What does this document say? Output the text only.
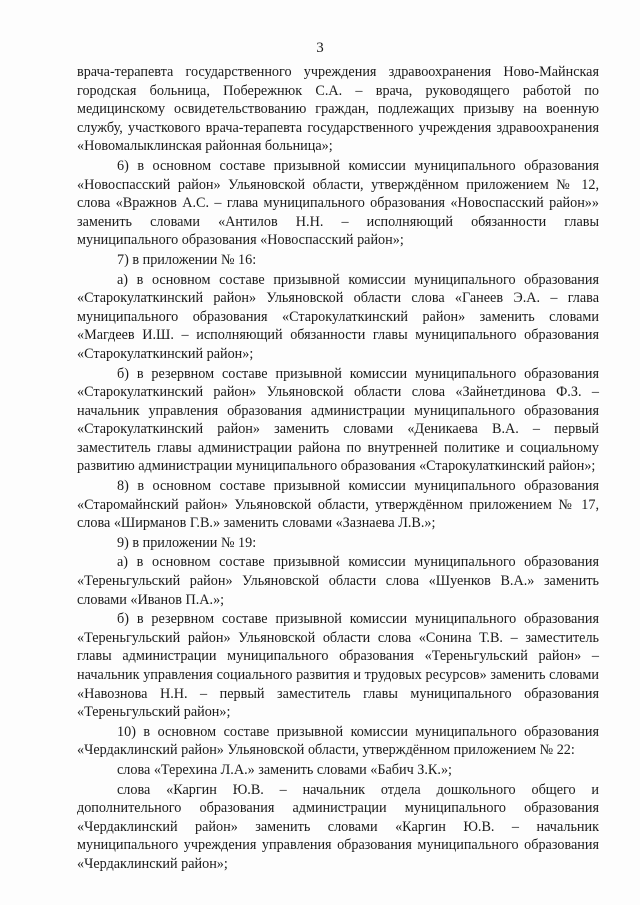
3

врача-терапевта государственного учреждения здравоохранения Ново-Майнская городская больница, Побережнюк С.А. – врача, руководящего работой по медицинскому освидетельствованию граждан, подлежащих призыву на военную службу, участкового врача-терапевта государственного учреждения здравоохранения «Новомалыклинская районная больница»;

6) в основном составе призывной комиссии муниципального образования «Новоспасский район» Ульяновской области, утверждённом приложением № 12, слова «Вражнов А.С. – глава муниципального образования «Новоспасский район»» заменить словами «Антилов Н.Н. – исполняющий обязанности главы муниципального образования «Новоспасский район»;

7) в приложении № 16:

а) в основном составе призывной комиссии муниципального образования «Старокулаткинский район» Ульяновской области слова «Ганеев Э.А. – глава муниципального образования «Старокулаткинский район» заменить словами «Магдеев И.Ш. – исполняющий обязанности главы муниципального образования «Старокулаткинский район»;

б) в резервном составе призывной комиссии муниципального образования «Старокулаткинский район» Ульяновской области слова «Зайнетдинова Ф.З. – начальник управления образования администрации муниципального образования «Старокулаткинский район» заменить словами «Деникаева В.А. – первый заместитель главы администрации района по внутренней политике и социальному развитию администрации муниципального образования «Старокулаткинский район»;

8) в основном составе призывной комиссии муниципального образования «Старомайнский район» Ульяновской области, утверждённом приложением № 17, слова «Ширманов Г.В.» заменить словами «Зазнаева Л.В.»;

9) в приложении № 19:

а) в основном составе призывной комиссии муниципального образования «Тереньгульский район» Ульяновской области слова «Шуенков В.А.» заменить словами «Иванов П.А.»;

б) в резервном составе призывной комиссии муниципального образования «Тереньгульский район» Ульяновской области слова «Сонина Т.В. – заместитель главы администрации муниципального образования «Тереньгульский район» – начальник управления социального развития и трудовых ресурсов» заменить словами «Навознова Н.Н. – первый заместитель главы муниципального образования «Тереньгульский район»;

10) в основном составе призывной комиссии муниципального образования «Чердаклинский район» Ульяновской области, утверждённом приложением № 22:

слова «Терехина Л.А.» заменить словами «Бабич З.К.»;

слова «Каргин Ю.В. – начальник отдела дошкольного общего и дополнительного образования администрации муниципального образования «Чердаклинский район» заменить словами «Каргин Ю.В. – начальник муниципального учреждения управления образования муниципального образования «Чердаклинский район»;
